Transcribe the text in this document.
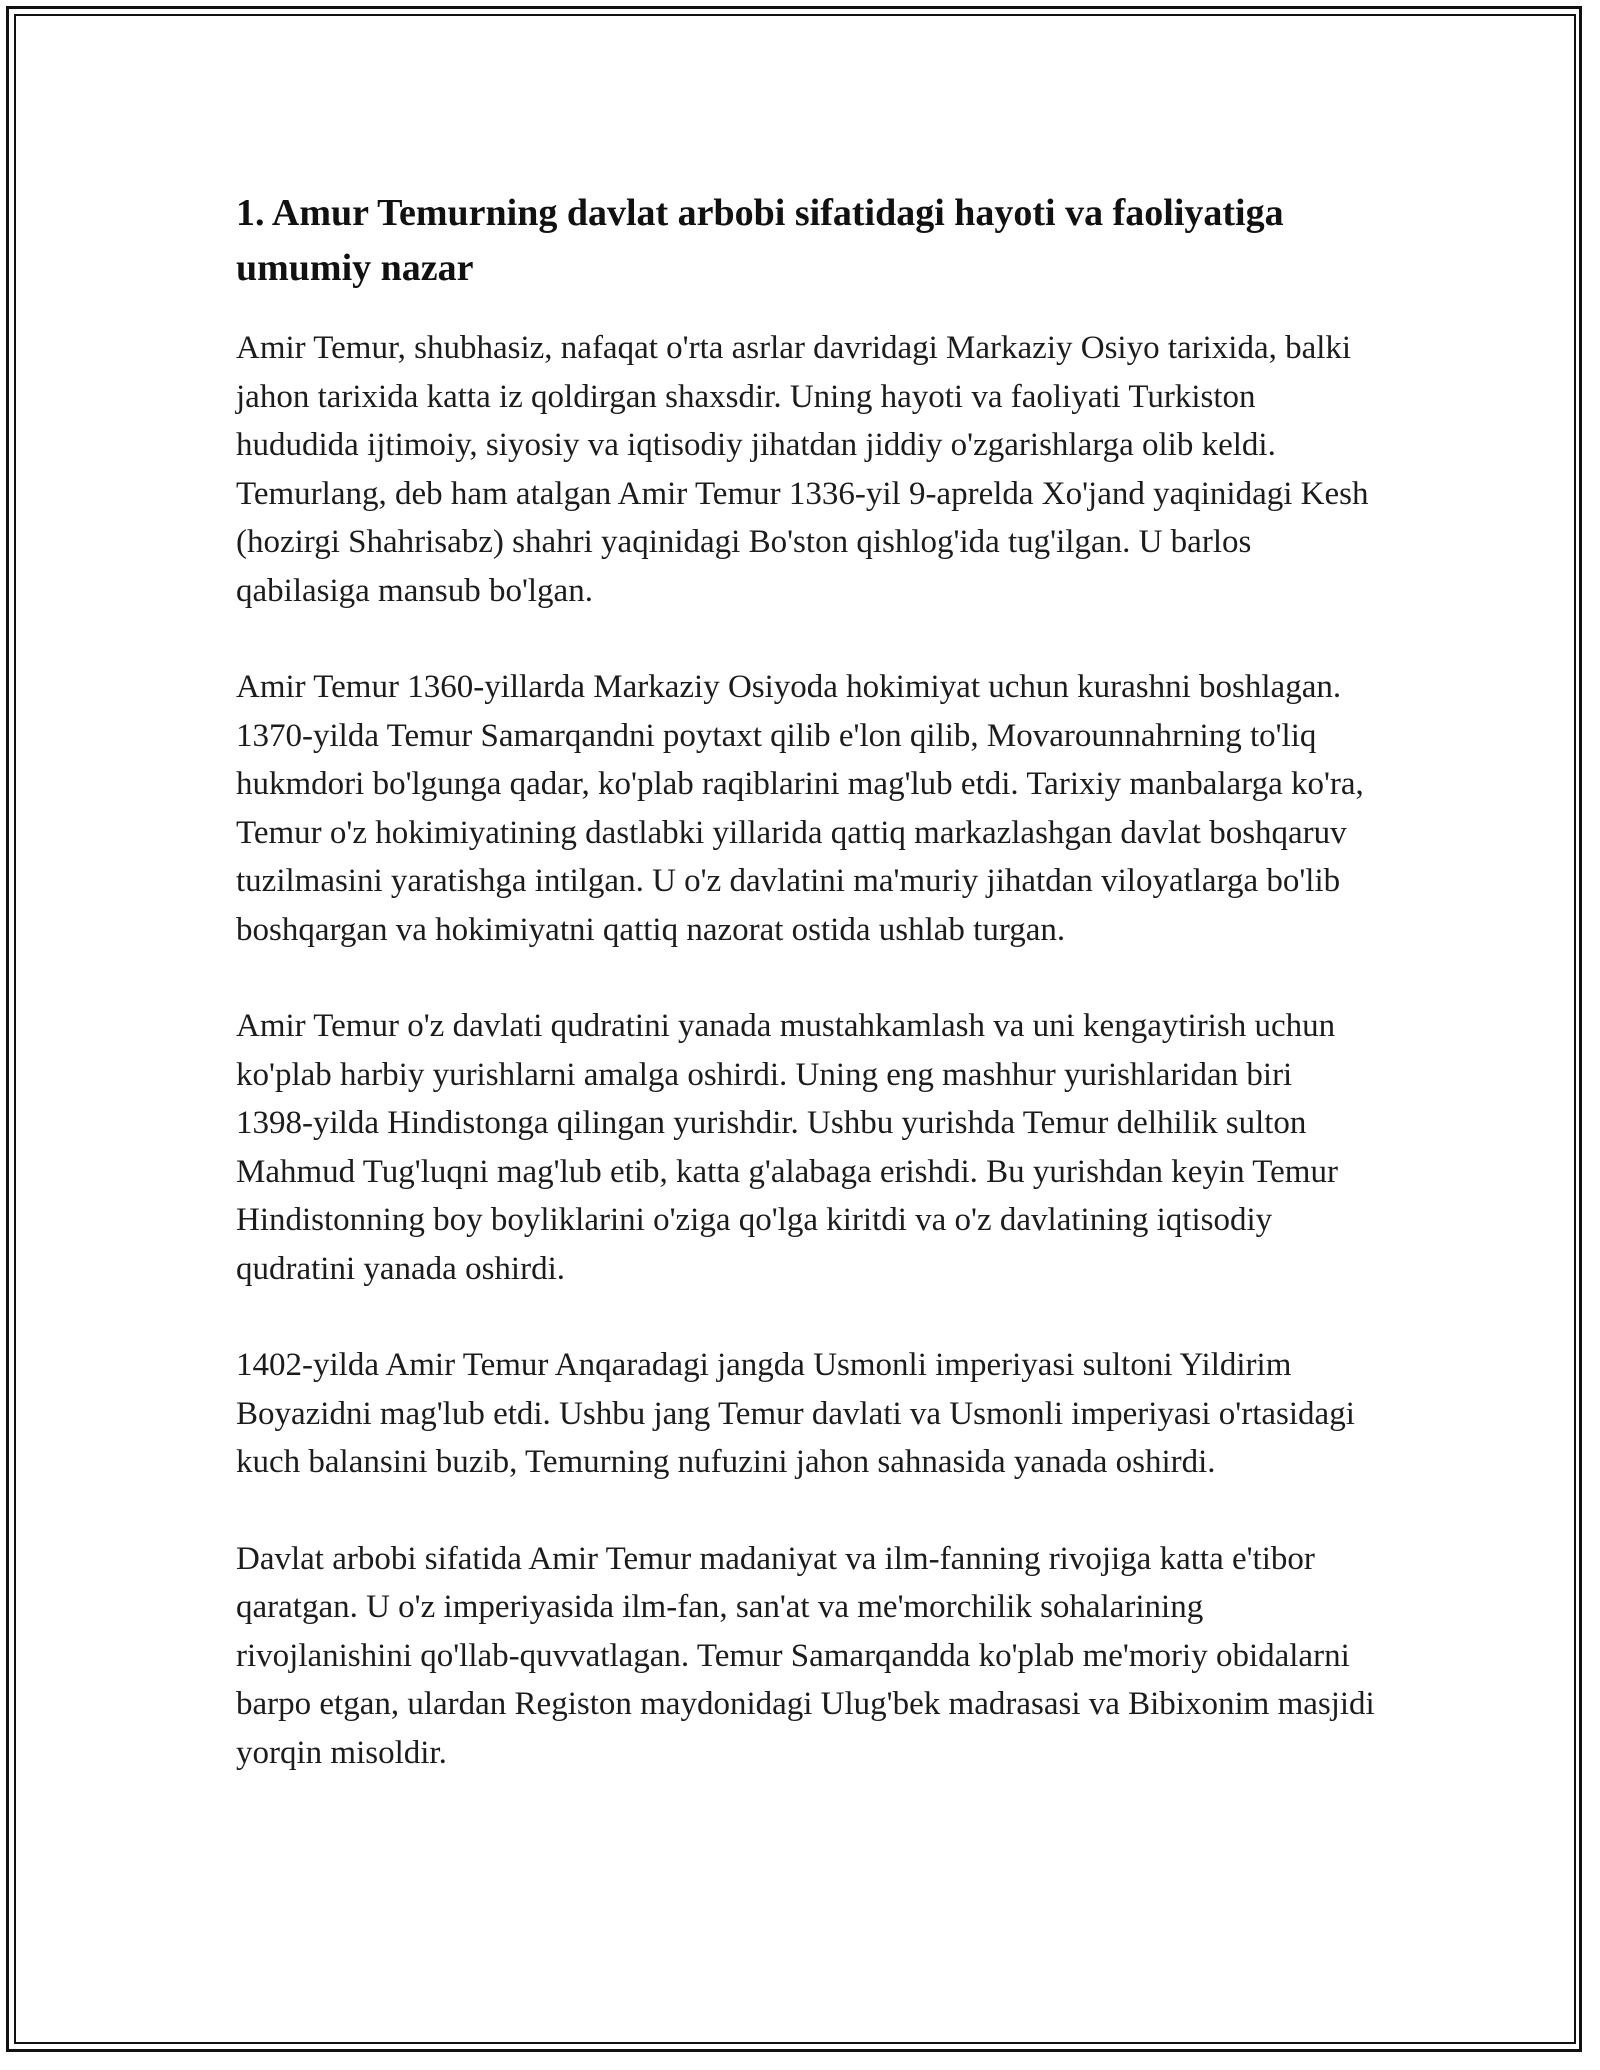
1. Amur Temurning davlat arbobi sifatidagi hayoti va faoliyatiga umumiy nazar

Amir Temur, shubhasiz, nafaqat o'rta asrlar davridagi Markaziy Osiyo tarixida, balki jahon tarixida katta iz qoldirgan shaxsdir. Uning hayoti va faoliyati Turkiston hududida ijtimoiy, siyosiy va iqtisodiy jihatdan jiddiy o'zgarishlarga olib keldi. Temurlang, deb ham atalgan Amir Temur 1336-yil 9-aprelda Xo'jand yaqinidagi Kesh (hozirgi Shahrisabz) shahri yaqinidagi Bo'ston qishlog'ida tug'ilgan. U barlos qabilasiga mansub bo'lgan.

Amir Temur 1360-yillarda Markaziy Osiyoda hokimiyat uchun kurashni boshlagan. 1370-yilda Temur Samarqandni poytaxt qilib e'lon qilib, Movarounnahrning to'liq hukmdori bo'lgunga qadar, ko'plab raqiblarini mag'lub etdi. Tarixiy manbalarga ko'ra, Temur o'z hokimiyatining dastlabki yillarida qattiq markazlashgan davlat boshqaruv tuzilmasini yaratishga intilgan. U o'z davlatini ma'muriy jihatdan viloyatlarga bo'lib boshqargan va hokimiyatni qattiq nazorat ostida ushlab turgan.

Amir Temur o'z davlati qudratini yanada mustahkamlash va uni kengaytirish uchun ko'plab harbiy yurishlarni amalga oshirdi. Uning eng mashhur yurishlaridan biri 1398-yilda Hindistonga qilingan yurishdir. Ushbu yurishda Temur delhilik sulton Mahmud Tug'luqni mag'lub etib, katta g'alabaga erishdi. Bu yurishdan keyin Temur Hindistonning boy boyliklarini o'ziga qo'lga kiritdi va o'z davlatining iqtisodiy qudratini yanada oshirdi.

1402-yilda Amir Temur Anqaradagi jangda Usmonli imperiyasi sultoni Yildirim Boyazidni mag'lub etdi. Ushbu jang Temur davlati va Usmonli imperiyasi o'rtasidagi kuch balansini buzib, Temurning nufuzini jahon sahnasida yanada oshirdi.

Davlat arbobi sifatida Amir Temur madaniyat va ilm-fanning rivojiga katta e'tibor qaratgan. U o'z imperiyasida ilm-fan, san'at va me'morchilik sohalarining rivojlanishini qo'llab-quvvatlagan. Temur Samarqandda ko'plab me'moriy obidalarni barpo etgan, ulardan Registon maydonidagi Ulug'bek madrasasi va Bibixonim masjidi yorqin misoldir.
